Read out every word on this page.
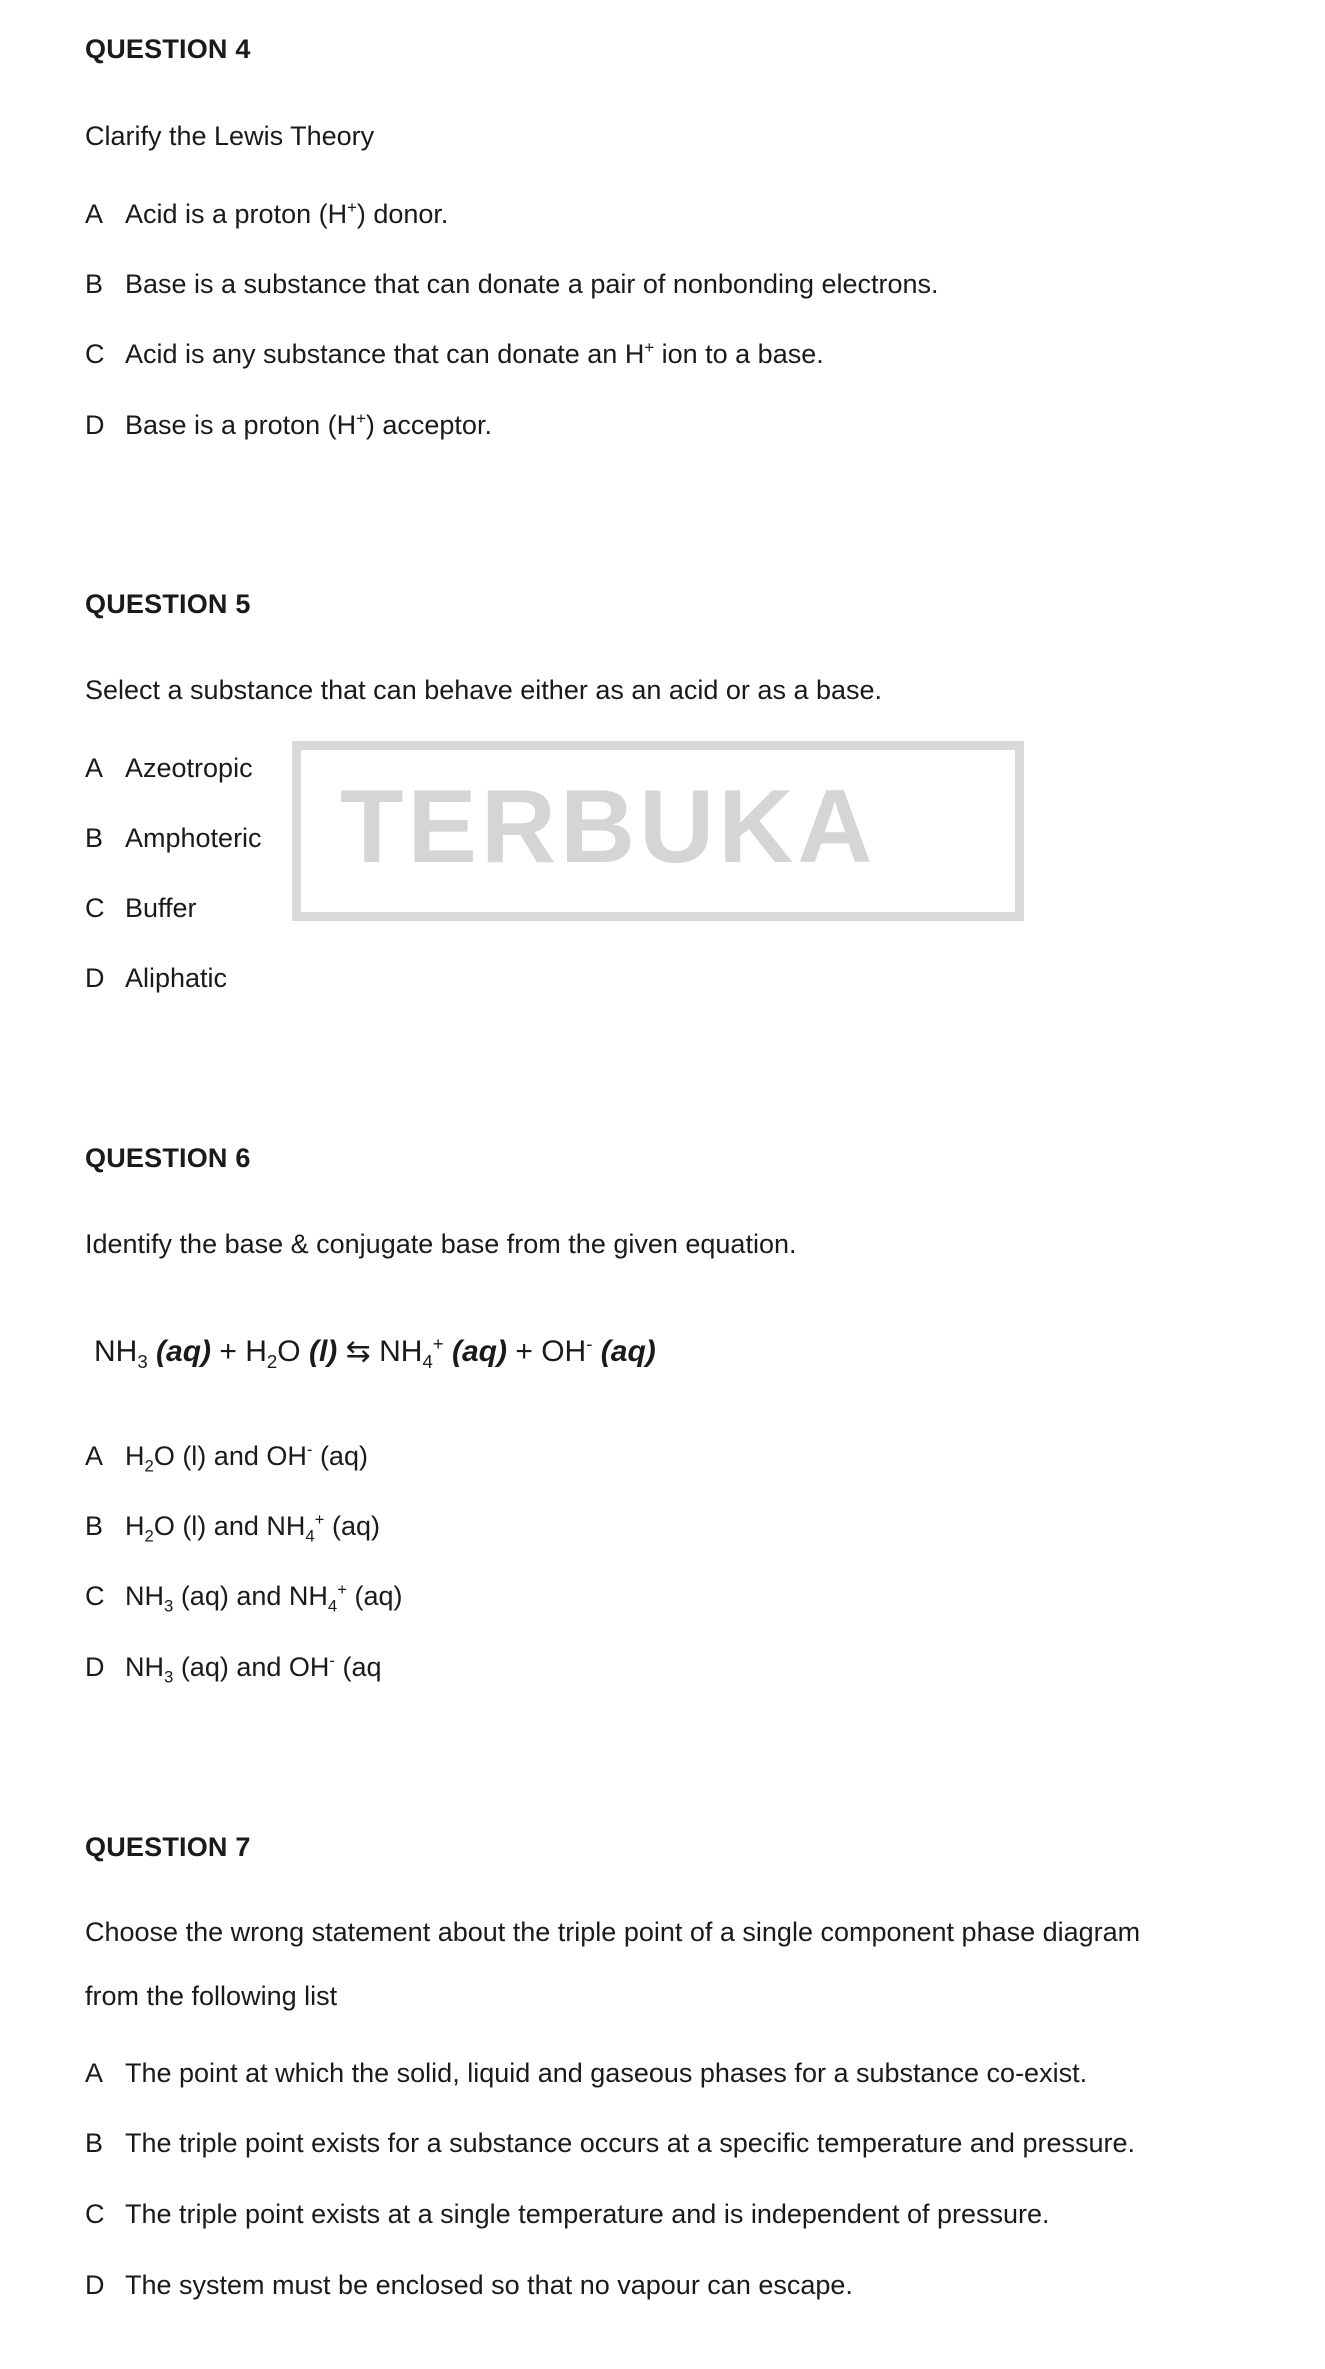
TERBUKA
QUESTION 4
Clarify the Lewis Theory
A Acid is a proton (H+) donor.
B Base is a substance that can donate a pair of nonbonding electrons.
C Acid is any substance that can donate an H+ ion to a base.
D Base is a proton (H+) acceptor.
QUESTION 5
Select a substance that can behave either as an acid or as a base.
A Azeotropic
B Amphoteric
C Buffer
D Aliphatic
QUESTION 6
Identify the base & conjugate base from the given equation.
$NH_3$ $(aq) + H_2O$ (l) ⇆ $NH_4^+$ (aq) + OH- (aq)
A $H_2O$ (l) and OH- (aq)
B $H_2O$ (l) and $NH_4^+$ (aq)
C $NH_3$ (aq) and $NH_4^+$ (aq)
D $NH_3$ (aq) and OH- (aq
QUESTION 7
Choose the wrong statement about the triple point of a single component phase diagram
from the following list
A The point at which the solid, liquid and gaseous phases for a substance co-exist.
B The triple point exists for a substance occurs at a specific temperature and pressure.
C The triple point exists at a single temperature and is independent of pressure.
D The system must be enclosed so that no vapour can escape.
